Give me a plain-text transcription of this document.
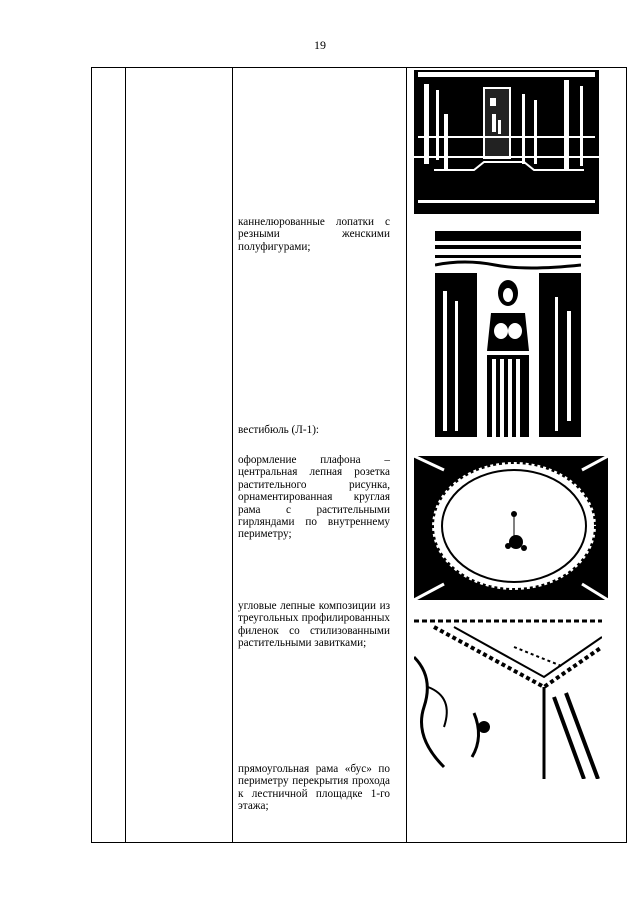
19
каннелюрованные лопатки с резными женскими полуфигурами;
вестибюль (Л-1):
оформление плафона – центральная лепная розетка растительного рисунка, орнаментированная круглая рама с растительными гирляндами по внутреннему периметру;
угловые лепные композиции из треугольных профилированных филенок со стилизованными растительными завитками;
прямоугольная рама «бус» по периметру перекрытия прохода к лестничной площадке 1-го этажа;
